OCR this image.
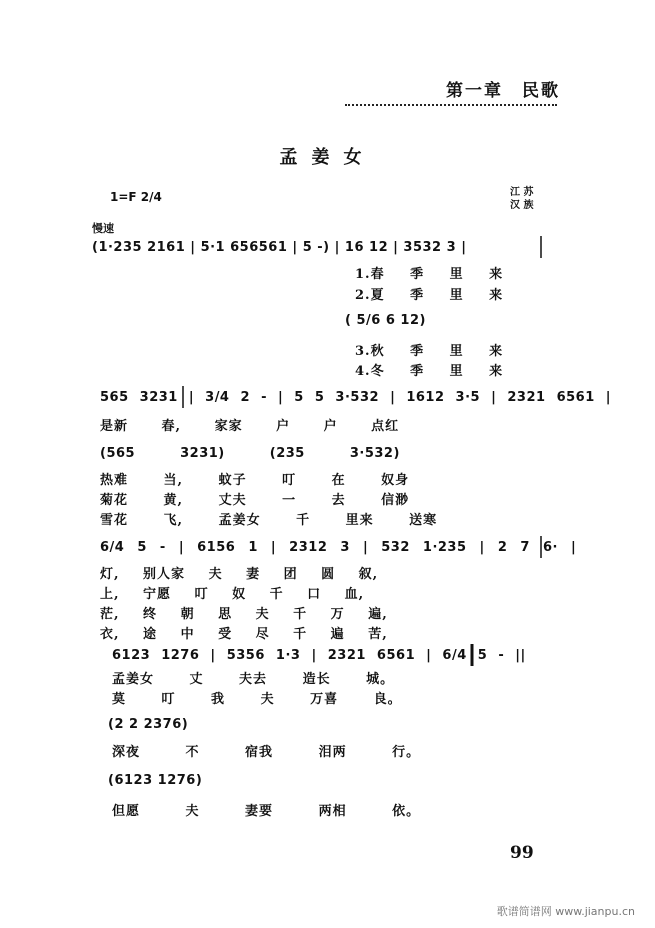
第一章　民歌
孟姜女
1=F 2/4	江 苏
汉 族
慢速
(1·235 2161 | 5·1 656561 | 5 -) | 16 12 | 3532 3 |
1.春 季 里 来
2.夏 季 里 来
( 5/6 6 12)
3.秋 季 里 来
4.冬 季 里 来
565 3231 | 3/4 2 - | 5 5 3·532 | 1612 3·5 | 2321 6561 |
是新 春, 家家 户 户 点红
(565 3231) (235 3·532)
热难 当, 蚊子 叮 在 奴身
菊花 黄, 丈夫 一 去 信渺
雪花 飞, 孟姜女 千 里来 送寒
6/4 5 - | 6156 1 | 2312 3 | 532 1·235 | 2 7 6· |
灯, 别人家 夫 妻 团 圆 叙,
上, 宁愿 叮 奴 千 口 血,
茫, 终 朝 思 夫 千 万 遍,
衣, 途 中 受 尽 千 遍 苦,
6123 1276 | 5356 1·3 | 2321 6561 | 6/4 5 - ||
孟姜女 丈 夫去 造长 城。
莫 叮 我 夫 万喜 良。
(2 2 2376)
深夜 不 宿我 泪两 行。
(6123 1276)
但愿 夫 妻要 两相 依。
99
歌谱简谱网 www.jianpu.cn
